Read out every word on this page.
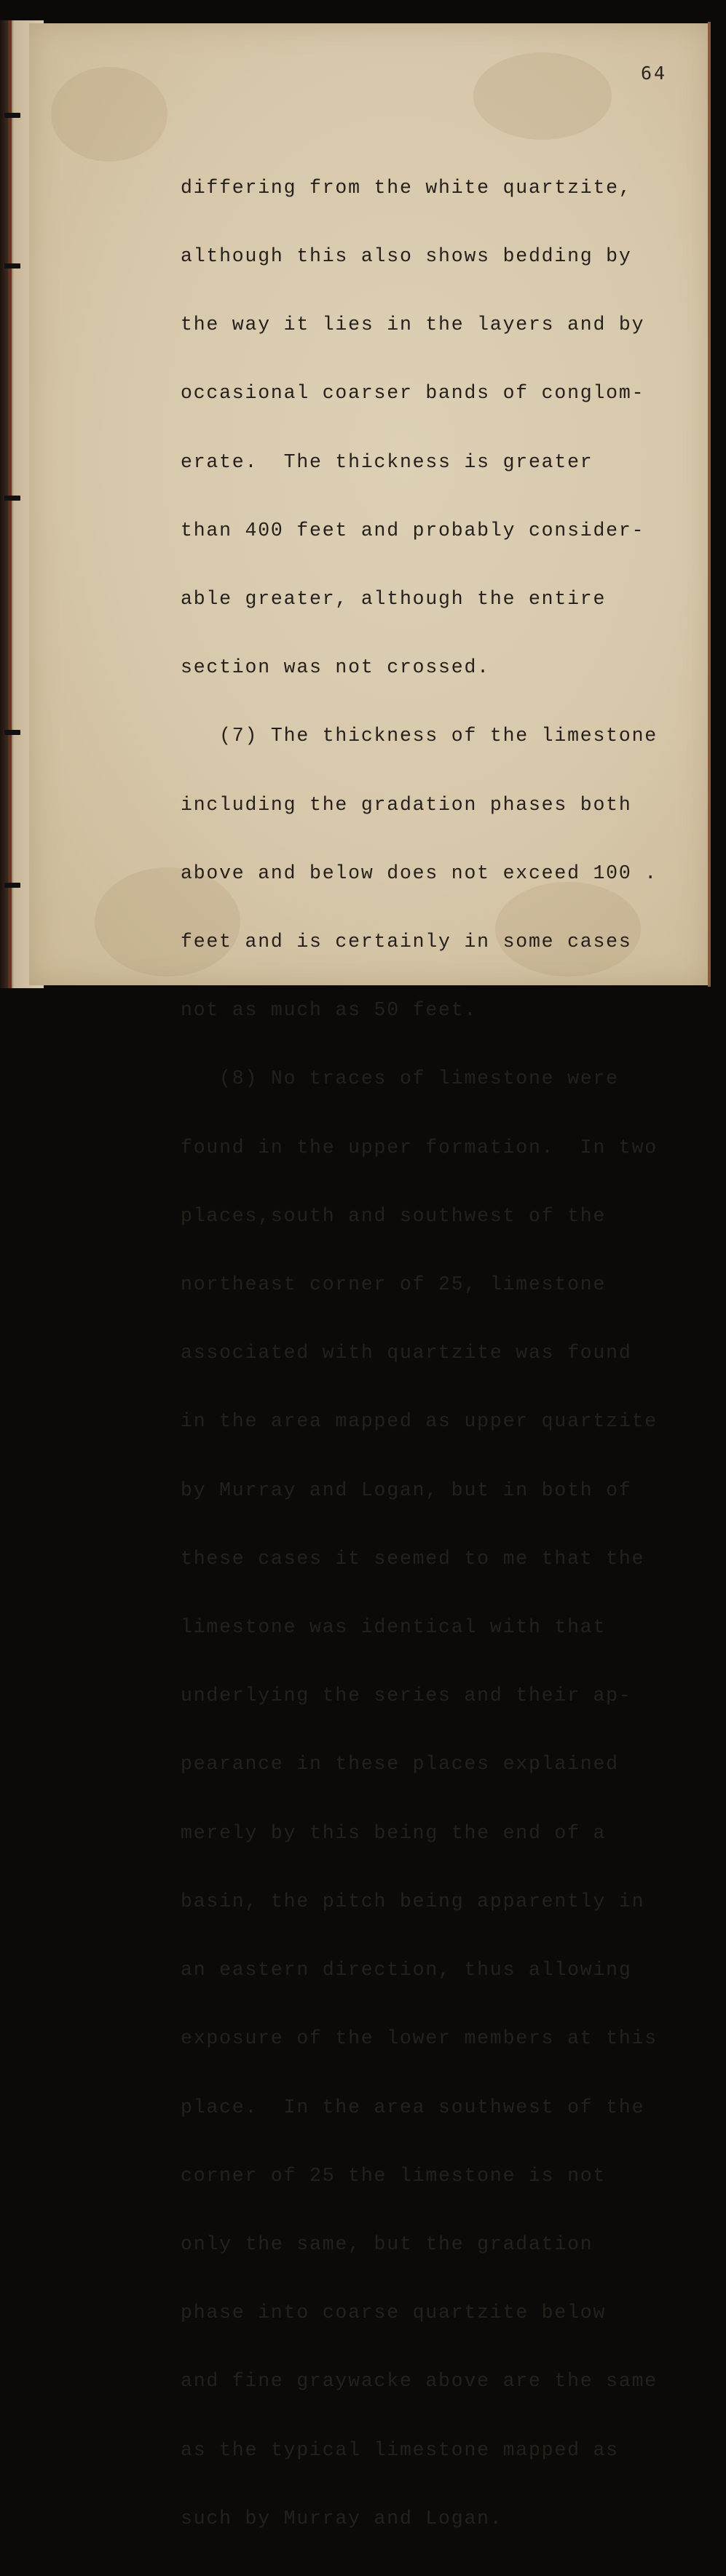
64

differing from the white quartzite,

although this also shows bedding by

the way it lies in the layers and by

occasional coarser bands of conglom-

erate.  The thickness is greater

than 400 feet and probably consider-

able greater, although the entire

section was not crossed.

(7) The thickness of the limestone

including the gradation phases both

above and below does not exceed 100 .

feet and is certainly in some cases

not as much as 50 feet.

(8) No traces of limestone were

found in the upper formation.  In two

places,south and southwest of the

northeast corner of 25, limestone

associated with quartzite was found

in the area mapped as upper quartzite

by Murray and Logan, but in both of

these cases it seemed to me that the

limestone was identical with that

underlying the series and their ap-

pearance in these places explained

merely by this being the end of a

basin, the pitch being apparently in

an eastern direction, thus allowing

exposure of the lower members at this

place.  In the area southwest of the

corner of 25 the limestone is not

only the same, but the gradation

phase into coarse quartzite below

and fine graywacke above are the same

as the typical limestone mapped as

such by Murray and Logan.
